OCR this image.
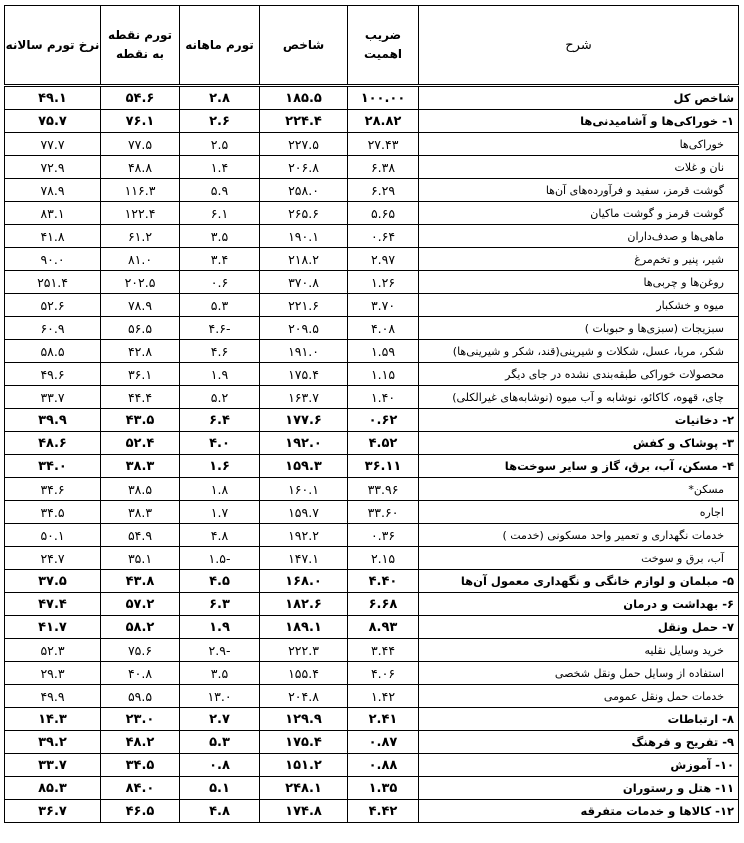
شرح	ضریب اهمیت	شاخص	تورم ماهانه	تورم نقطه به نقطه	نرخ تورم سالانه
شاخص کل	۱۰۰.۰۰	۱۸۵.۵	۲.۸	۵۴.۶	۴۹.۱
۱- خوراکی‌ها و آشامیدنی‌ها	۲۸.۸۲	۲۲۴.۴	۲.۶	۷۶.۱	۷۵.۷
خوراکی‌ها	۲۷.۴۳	۲۲۷.۵	۲.۵	۷۷.۵	۷۷.۷
نان و غلات	۶.۳۸	۲۰۶.۸	۱.۴	۴۸.۸	۷۲.۹
گوشت قرمز، سفید و فرآورده‌های آن‌ها	۶.۲۹	۲۵۸.۰	۵.۹	۱۱۶.۳	۷۸.۹
گوشت قرمز و گوشت ماکیان	۵.۶۵	۲۶۵.۶	۶.۱	۱۲۲.۴	۸۳.۱
ماهی‌ها و صدف‌داران	۰.۶۴	۱۹۰.۱	۳.۵	۶۱.۲	۴۱.۸
شیر، پنیر و تخم‌مرغ	۲.۹۷	۲۱۸.۲	۳.۴	۸۱.۰	۹۰.۰
روغن‌ها و چربی‌ها	۱.۲۶	۳۷۰.۸	۰.۶	۲۰۲.۵	۲۵۱.۴
میوه و خشکبار	۳.۷۰	۲۲۱.۶	۵.۳	۷۸.۹	۵۲.۶
سبزیجات (سبزی‌ها و حبوبات )	۴.۰۸	۲۰۹.۵	-۴.۶	۵۶.۵	۶۰.۹
شکر، مربا، عسل، شکلات و شیرینی(قند، شکر و شیرینی‌ها)	۱.۵۹	۱۹۱.۰	۴.۶	۴۲.۸	۵۸.۵
محصولات خوراکی طبقه‌بندی نشده در جای دیگر	۱.۱۵	۱۷۵.۴	۱.۹	۳۶.۱	۴۹.۶
چای، قهوه، کاکائو، نوشابه و آب میوه (نوشابه‌های غیرالکلی)	۱.۴۰	۱۶۳.۷	۵.۲	۴۴.۴	۳۳.۷
۲- دخانیات	۰.۶۲	۱۷۷.۶	۶.۴	۴۳.۵	۳۹.۹
۳- پوشاک و کفش	۴.۵۲	۱۹۲.۰	۴.۰	۵۲.۴	۴۸.۶
۴- مسکن، آب، برق، گاز و سایر سوخت‌ها	۳۶.۱۱	۱۵۹.۳	۱.۶	۳۸.۳	۳۴.۰
مسکن*	۳۳.۹۶	۱۶۰.۱	۱.۸	۳۸.۵	۳۴.۶
اجاره	۳۳.۶۰	۱۵۹.۷	۱.۷	۳۸.۳	۳۴.۵
خدمات نگهداری و تعمیر واحد مسکونی (خدمت )	۰.۳۶	۱۹۲.۲	۴.۸	۵۴.۹	۵۰.۱
آب، برق و سوخت	۲.۱۵	۱۴۷.۱	-۱.۵	۳۵.۱	۲۴.۷
۵- مبلمان و لوازم خانگی و نگهداری معمول آن‌ها	۴.۴۰	۱۶۸.۰	۴.۵	۴۳.۸	۳۷.۵
۶- بهداشت و درمان	۶.۶۸	۱۸۲.۶	۶.۳	۵۷.۲	۴۷.۴
۷- حمل ونقل	۸.۹۳	۱۸۹.۱	۱.۹	۵۸.۲	۴۱.۷
خرید وسایل نقلیه	۳.۴۴	۲۲۲.۳	-۲.۹	۷۵.۶	۵۲.۳
استفاده از وسایل حمل ونقل شخصی	۴.۰۶	۱۵۵.۴	۳.۵	۴۰.۸	۲۹.۳
خدمات حمل ونقل عمومی	۱.۴۲	۲۰۴.۸	۱۳.۰	۵۹.۵	۴۹.۹
۸- ارتباطات	۲.۴۱	۱۲۹.۹	۲.۷	۲۳.۰	۱۴.۳
۹- تفریح و فرهنگ	۰.۸۷	۱۷۵.۴	۵.۳	۴۸.۲	۳۹.۲
۱۰- آموزش	۰.۸۸	۱۵۱.۲	۰.۸	۳۴.۵	۳۳.۷
۱۱- هتل و رستوران	۱.۳۵	۲۴۸.۱	۵.۱	۸۴.۰	۸۵.۳
۱۲- کالاها و خدمات متفرقه	۴.۴۲	۱۷۴.۸	۴.۸	۴۶.۵	۳۶.۷
